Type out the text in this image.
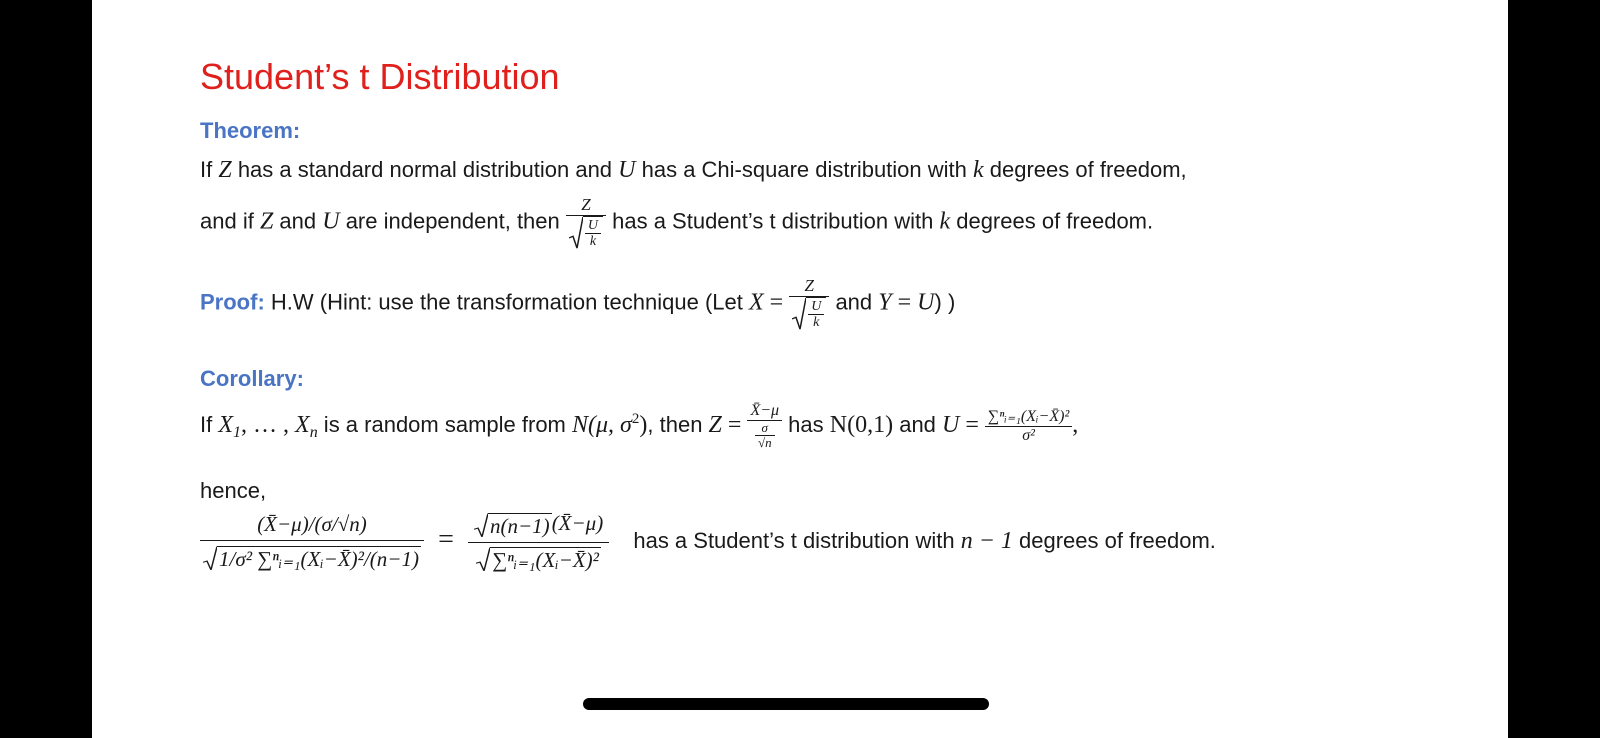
Student’s t Distribution
Theorem:
If Z has a standard normal distribution and U has a Chi-square distribution with k degrees of freedom,
and if Z and U are independent, then $\frac{Z}{\frac{U}{k}}$ has a Student’s t distribution with k degrees of freedom.
Proof: H.W (Hint: use the transformation technique (Let $X = \frac{Z}{\frac{U}{k}}$ and Y = U) )
Corollary:
If $X_1$, … , $X_n$ is a random sample from N(μ, $\sigma^2$), then $Z = \frac{X̄-\mu}{\frac{\sigma}{√n}}$ has N(0,1) and $U = \frac{\text{∑ⁿᵢ₌₁(Xᵢ−X̄)²}}{\text{σ²}}$ ,
hence,
$\frac{(X̄-\mu)/(\sigma/√n)}{\text{1/σ² ∑ⁿᵢ₌₁(Xᵢ−X̄)²/(n−1)}} = \frac{n(n-1)(X̄-\mu)}{\text{∑ⁿᵢ₌₁(Xᵢ−X̄)²}}$ has a Student’s t distribution with n − 1 degrees of freedom.
